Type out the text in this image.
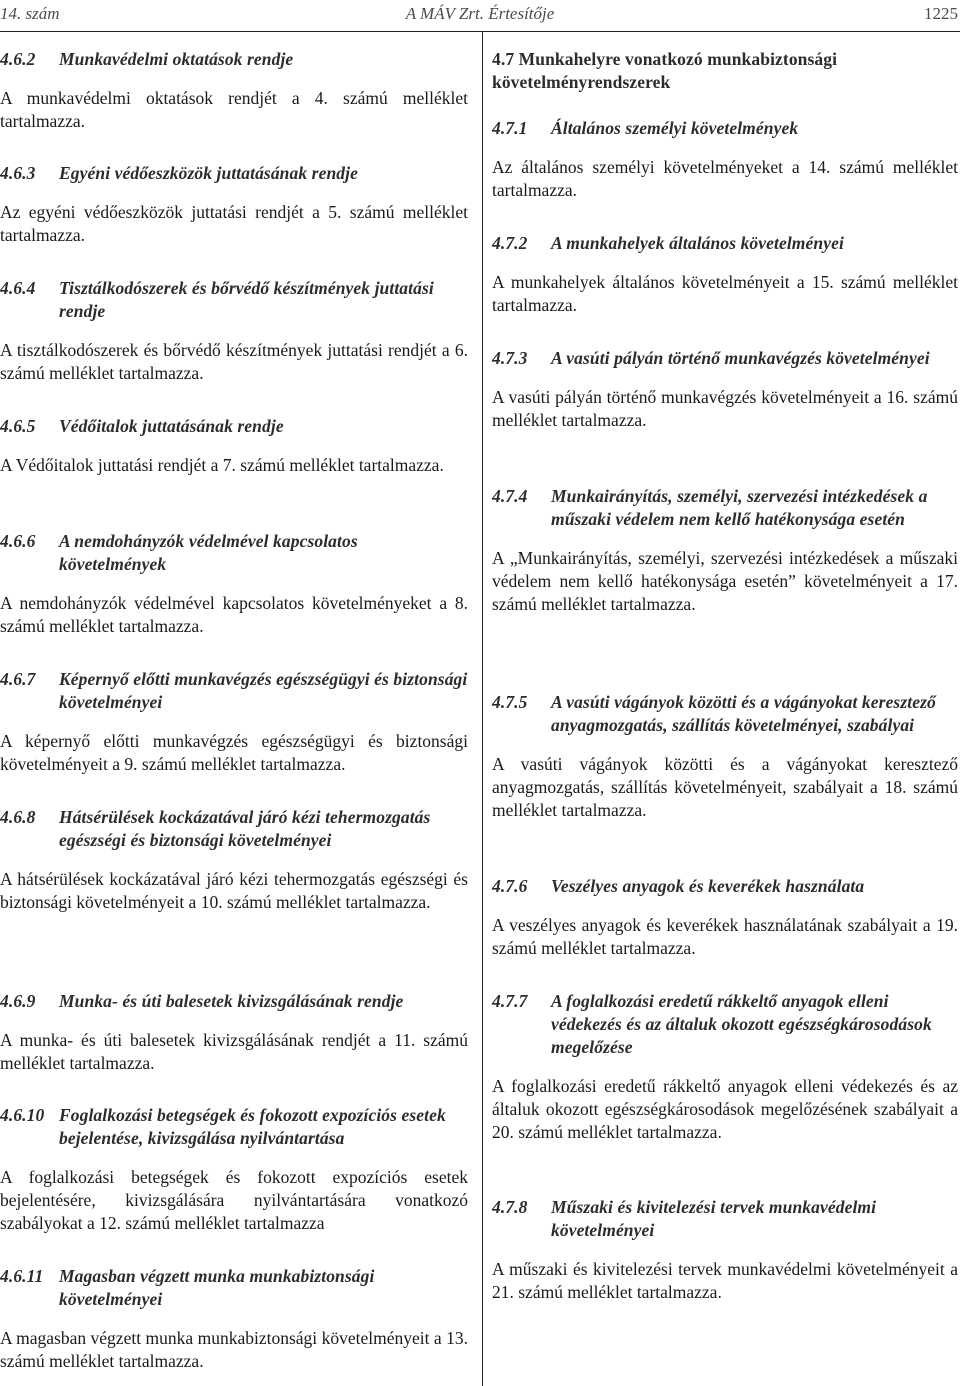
14. szám	A MÁV Zrt. Értesítője	1225
4.6.2 Munkavédelmi oktatások rendje

A munkavédelmi oktatások rendjét a 4. számú melléklet tartalmazza.

4.6.3 Egyéni védőeszközök juttatásának rendje

Az egyéni védőeszközök juttatási rendjét a 5. számú melléklet tartalmazza.

4.6.4 Tisztálkodószerek és bőrvédő készítmények juttatási rendje

A tisztálkodószerek és bőrvédő készítmények juttatási rendjét a 6. számú melléklet tartalmazza.

4.6.5 Védőitalok juttatásának rendje

A Védőitalok juttatási rendjét a 7. számú melléklet tartalmazza.

4.6.6 A nemdohányzók védelmével kapcsolatos követelmények

A nemdohányzók védelmével kapcsolatos követelményeket a 8. számú melléklet tartalmazza.

4.6.7 Képernyő előtti munkavégzés egészségügyi és biztonsági követelményei

A képernyő előtti munkavégzés egészségügyi és biztonsági követelményeit a 9. számú melléklet tartalmazza.

4.6.8 Hátsérülések kockázatával járó kézi tehermozgatás egészségi és biztonsági követelményei

A hátsérülések kockázatával járó kézi tehermozgatás egészségi és biztonsági követelményeit a 10. számú melléklet tartalmazza.

4.6.9 Munka- és úti balesetek kivizsgálásának rendje

A munka- és úti balesetek kivizsgálásának rendjét a 11. számú melléklet tartalmazza.

4.6.10 Foglalkozási betegségek és fokozott expozíciós esetek bejelentése, kivizsgálása nyilvántartása

A foglalkozási betegségek és fokozott expozíciós esetek bejelentésére, kivizsgálására nyilvántartására vonatkozó szabályokat a 12. számú melléklet tartalmazza

4.6.11 Magasban végzett munka munkabiztonsági követelményei

A magasban végzett munka munkabiztonsági követelményeit a 13. számú melléklet tartalmazza.

4.7 Munkahelyre vonatkozó munkabiztonsági követelményrendszerek
4.7.1 Általános személyi követelmények

Az általános személyi követelményeket a 14. számú melléklet tartalmazza.

4.7.2 A munkahelyek általános követelményei

A munkahelyek általános követelményeit a 15. számú melléklet tartalmazza.

4.7.3 A vasúti pályán történő munkavégzés követelményei

A vasúti pályán történő munkavégzés követelményeit a 16. számú melléklet tartalmazza.

4.7.4 Munkairányítás, személyi, szervezési intézkedések a műszaki védelem nem kellő hatékonysága esetén

A „Munkairányítás, személyi, szervezési intézkedések a műszaki védelem nem kellő hatékonysága esetén” követelményeit a 17. számú melléklet tartalmazza.

4.7.5 A vasúti vágányok közötti és a vágányokat keresztező anyagmozgatás, szállítás követelményei, szabályai

A vasúti vágányok közötti és a vágányokat keresztező anyagmozgatás, szállítás követelményeit, szabályait a 18. számú melléklet tartalmazza.

4.7.6 Veszélyes anyagok és keverékek használata

A veszélyes anyagok és keverékek használatának szabályait a 19. számú melléklet tartalmazza.

4.7.7 A foglalkozási eredetű rákkeltő anyagok elleni védekezés és az általuk okozott egészségkárosodások megelőzése

A foglalkozási eredetű rákkeltő anyagok elleni védekezés és az általuk okozott egészségkárosodások megelőzésének szabályait a 20. számú melléklet tartalmazza.

4.7.8 Műszaki és kivitelezési tervek munkavédelmi követelményei

A műszaki és kivitelezési tervek munkavédelmi követelményeit a 21. számú melléklet tartalmazza.
